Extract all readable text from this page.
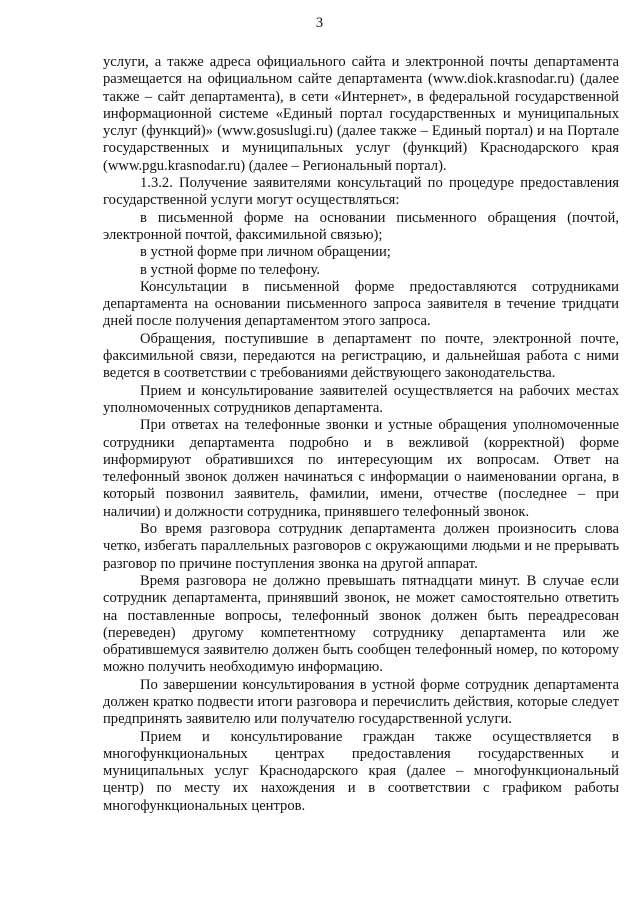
3

услуги, а также адреса официального сайта и электронной почты департамента размещается на официальном сайте департамента (www.diok.krasnodar.ru) (далее также – сайт департамента), в сети «Интернет», в федеральной государственной информационной системе «Единый портал государственных и муниципальных услуг (функций)» (www.gosuslugi.ru) (далее также – Единый портал) и на Портале государственных и муниципальных услуг (функций) Краснодарского края (www.pgu.krasnodar.ru) (далее – Региональный портал).

1.3.2. Получение заявителями консультаций по процедуре предоставления государственной услуги могут осуществляться:

в письменной форме на основании письменного обращения (почтой, электронной почтой, факсимильной связью);

в устной форме при личном обращении;

в устной форме по телефону.

Консультации в письменной форме предоставляются сотрудниками департамента на основании письменного запроса заявителя в течение тридцати дней после получения департаментом этого запроса.

Обращения, поступившие в департамент по почте, электронной почте, факсимильной связи, передаются на регистрацию, и дальнейшая работа с ними ведется в соответствии с требованиями действующего законодательства.

Прием и консультирование заявителей осуществляется на рабочих местах уполномоченных сотрудников департамента.

При ответах на телефонные звонки и устные обращения уполномоченные сотрудники департамента подробно и в вежливой (корректной) форме информируют обратившихся по интересующим их вопросам. Ответ на телефонный звонок должен начинаться с информации о наименовании органа, в который позвонил заявитель, фамилии, имени, отчестве (последнее – при наличии) и должности сотрудника, принявшего телефонный звонок.

Во время разговора сотрудник департамента должен произносить слова четко, избегать параллельных разговоров с окружающими людьми и не прерывать разговор по причине поступления звонка на другой аппарат.

Время разговора не должно превышать пятнадцати минут. В случае если сотрудник департамента, принявший звонок, не может самостоятельно ответить на поставленные вопросы, телефонный звонок должен быть переадресован (переведен) другому компетентному сотруднику департамента или же обратившемуся заявителю должен быть сообщен телефонный номер, по которому можно получить необходимую информацию.

По завершении консультирования в устной форме сотрудник департамента должен кратко подвести итоги разговора и перечислить действия, которые следует предпринять заявителю или получателю государственной услуги.

Прием и консультирование граждан также осуществляется в многофункциональных центрах предоставления государственных и муниципальных услуг Краснодарского края (далее – многофункциональный центр) по месту их нахождения и в соответствии с графиком работы многофункциональных центров.
